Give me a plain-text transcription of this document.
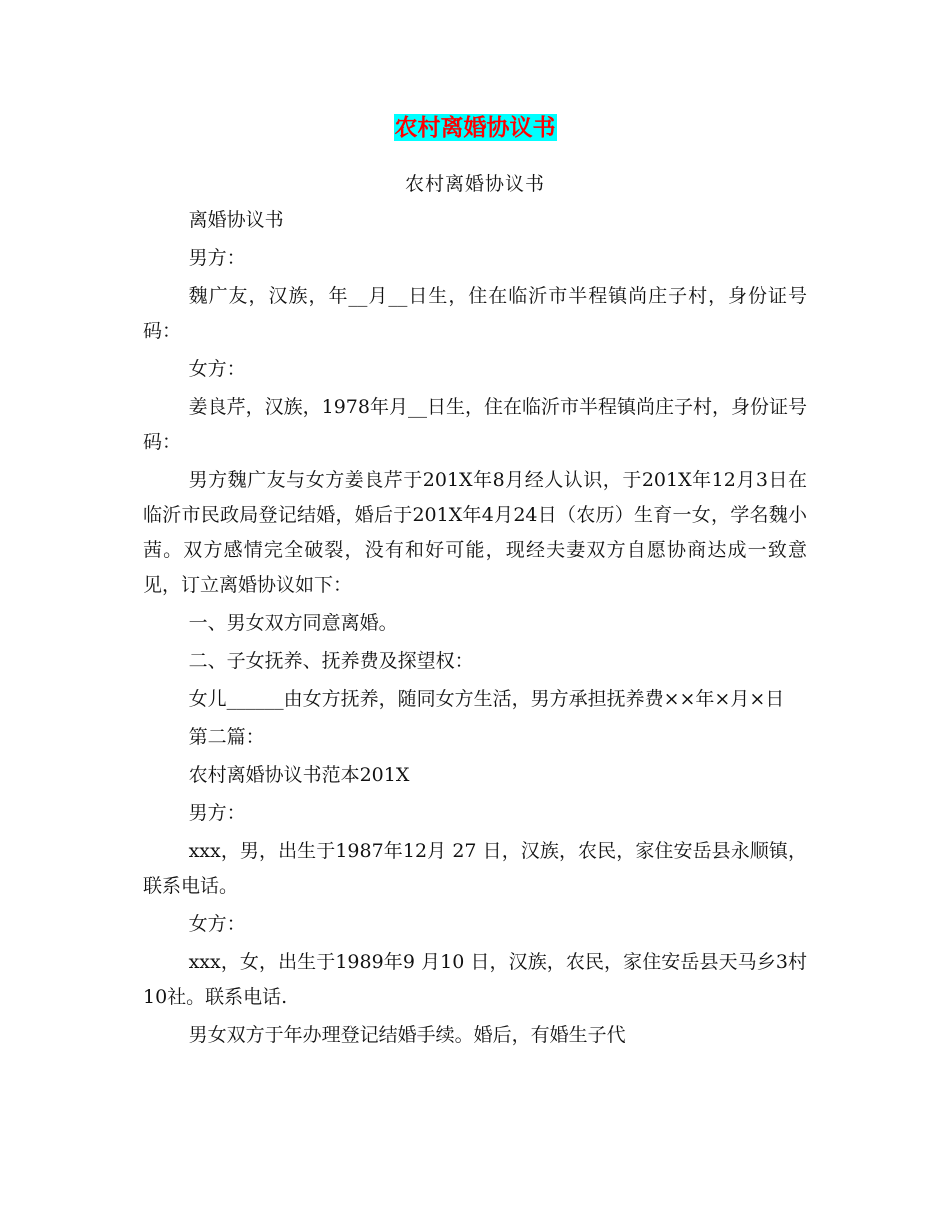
农村离婚协议书
农村离婚协议书

离婚协议书

男方：

魏广友，汉族，年__月__日生，住在临沂市半程镇尚庄子村，身份证号码：

女方：

姜良芹，汉族，1978年月__日生，住在临沂市半程镇尚庄子村，身份证号码：

男方魏广友与女方姜良芹于201X年8月经人认识，于201X年12月3日在临沂市民政局登记结婚，婚后于201X年4月24日（农历）生育一女，学名魏小茜。双方感情完全破裂，没有和好可能，现经夫妻双方自愿协商达成一致意见，订立离婚协议如下：

一、男女双方同意离婚。

二、子女抚养、抚养费及探望权：

女儿______由女方抚养，随同女方生活，男方承担抚养费××年×月×日

第二篇：

农村离婚协议书范本201X

男方：

xxx，男，出生于1987年12月 27 日，汉族，农民，家住安岳县永顺镇，联系电话。

女方：

xxx，女，出生于1989年9 月10 日，汉族，农民，家住安岳县天马乡3村10社。联系电话.

男女双方于年办理登记结婚手续。婚后，有婚生子代
